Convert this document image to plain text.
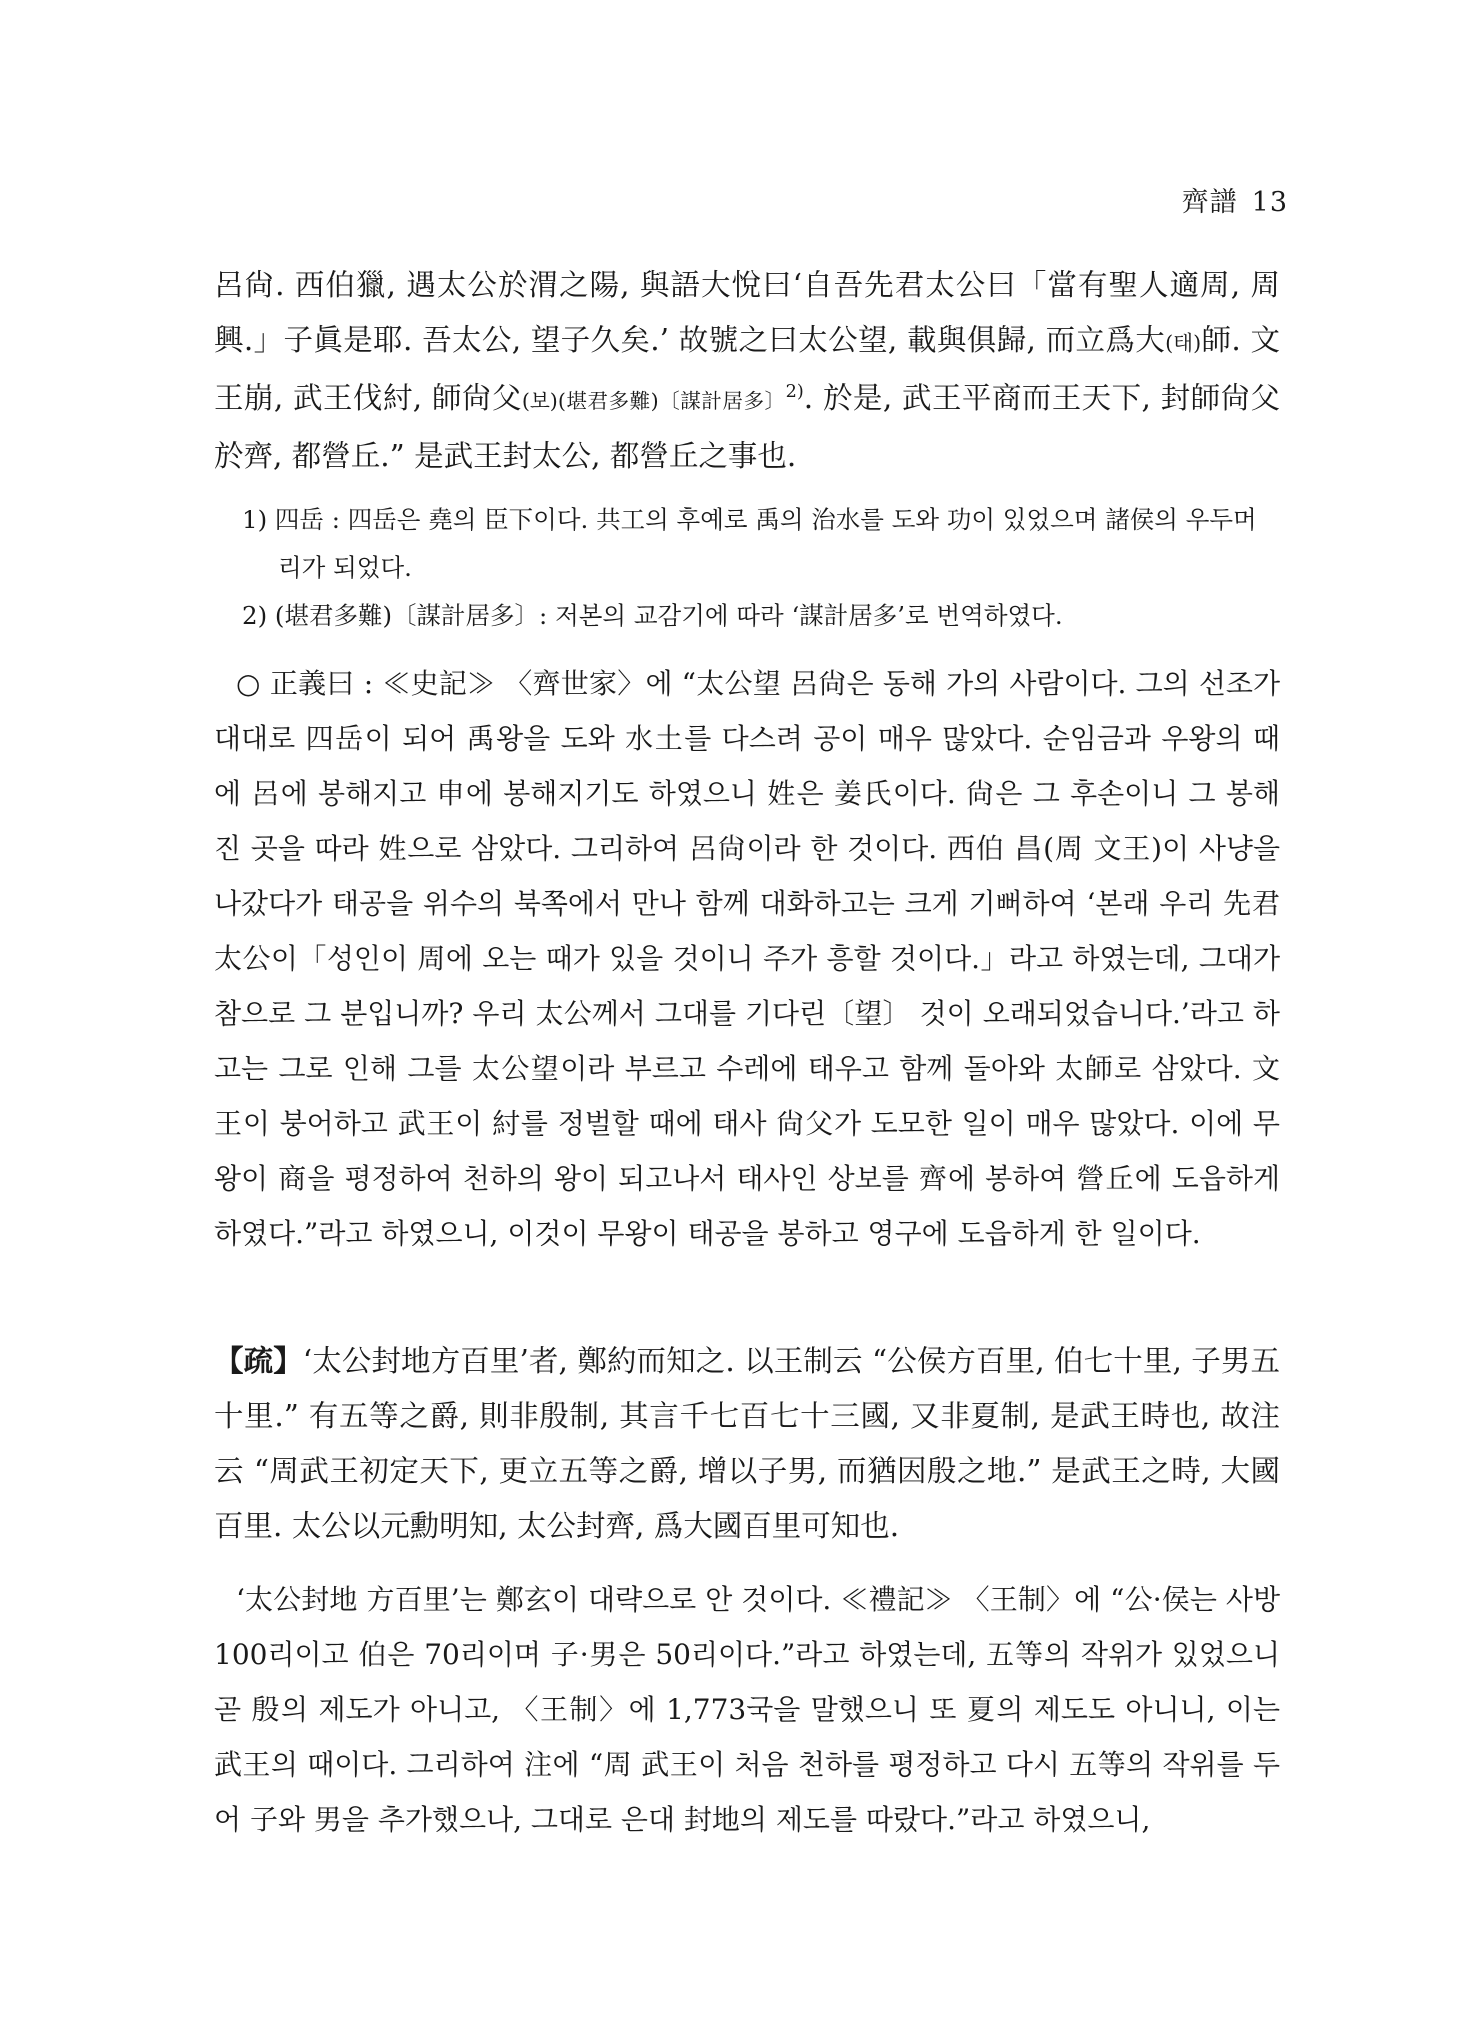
齊譜 13

呂尙. 西伯獵, 遇太公於渭之陽, 與語大悅曰‘自吾先君太公曰「當有聖人適周, 周興.」子眞是耶. 吾太公, 望子久矣.’ 故號之曰太公望, 載與俱歸, 而立爲大(태)師. 文王崩, 武王伐紂, 師尙父(보)(堪君多難)〔謀計居多〕$^{2)}$. 於是, 武王平商而王天下, 封師尙父於齊, 都營丘.” 是武王封太公, 都營丘之事也.

1) 四岳 : 四岳은 堯의 臣下이다. 共工의 후예로 禹의 治水를 도와 功이 있었으며 諸侯의 우두머리가 되었다.

2) (堪君多難)〔謀計居多〕: 저본의 교감기에 따라 ‘謀計居多’로 번역하였다.

○ 正義曰 : ≪史記≫ 〈齊世家〉에 “太公望 呂尙은 동해 가의 사람이다. 그의 선조가 대대로 四岳이 되어 禹왕을 도와 水土를 다스려 공이 매우 많았다. 순임금과 우왕의 때에 呂에 봉해지고 申에 봉해지기도 하였으니 姓은 姜氏이다. 尙은 그 후손이니 그 봉해진 곳을 따라 姓으로 삼았다. 그리하여 呂尙이라 한 것이다. 西伯 昌(周 文王)이 사냥을 나갔다가 태공을 위수의 북쪽에서 만나 함께 대화하고는 크게 기뻐하여 ‘본래 우리 先君 太公이「성인이 周에 오는 때가 있을 것이니 주가 흥할 것이다.」라고 하였는데, 그대가 참으로 그 분입니까? 우리 太公께서 그대를 기다린〔望〕 것이 오래되었습니다.’라고 하고는 그로 인해 그를 太公望이라 부르고 수레에 태우고 함께 돌아와 太師로 삼았다. 文王이 붕어하고 武王이 紂를 정벌할 때에 태사 尙父가 도모한 일이 매우 많았다. 이에 무왕이 商을 평정하여 천하의 왕이 되고나서 태사인 상보를 齊에 봉하여 營丘에 도읍하게 하였다.”라고 하였으니, 이것이 무왕이 태공을 봉하고 영구에 도읍하게 한 일이다.

【疏】‘太公封地方百里’者, 鄭約而知之. 以王制云 “公侯方百里, 伯七十里, 子男五十里.” 有五等之爵, 則非殷制, 其言千七百七十三國, 又非夏制, 是武王時也, 故注云 “周武王初定天下, 更立五等之爵, 增以子男, 而猶因殷之地.” 是武王之時, 大國百里. 太公以元勳明知, 太公封齊, 爲大國百里可知也.

‘太公封地 方百里’는 鄭玄이 대략으로 안 것이다. ≪禮記≫ 〈王制〉에 “公·侯는 사방 100리이고 伯은 70리이며 子·男은 50리이다.”라고 하였는데, 五等의 작위가 있었으니 곧 殷의 제도가 아니고, 〈王制〉에 1,773국을 말했으니 또 夏의 제도도 아니니, 이는 武王의 때이다. 그리하여 注에 “周 武王이 처음 천하를 평정하고 다시 五等의 작위를 두어 子와 男을 추가했으나, 그대로 은대 封地의 제도를 따랐다.”라고 하였으니,
